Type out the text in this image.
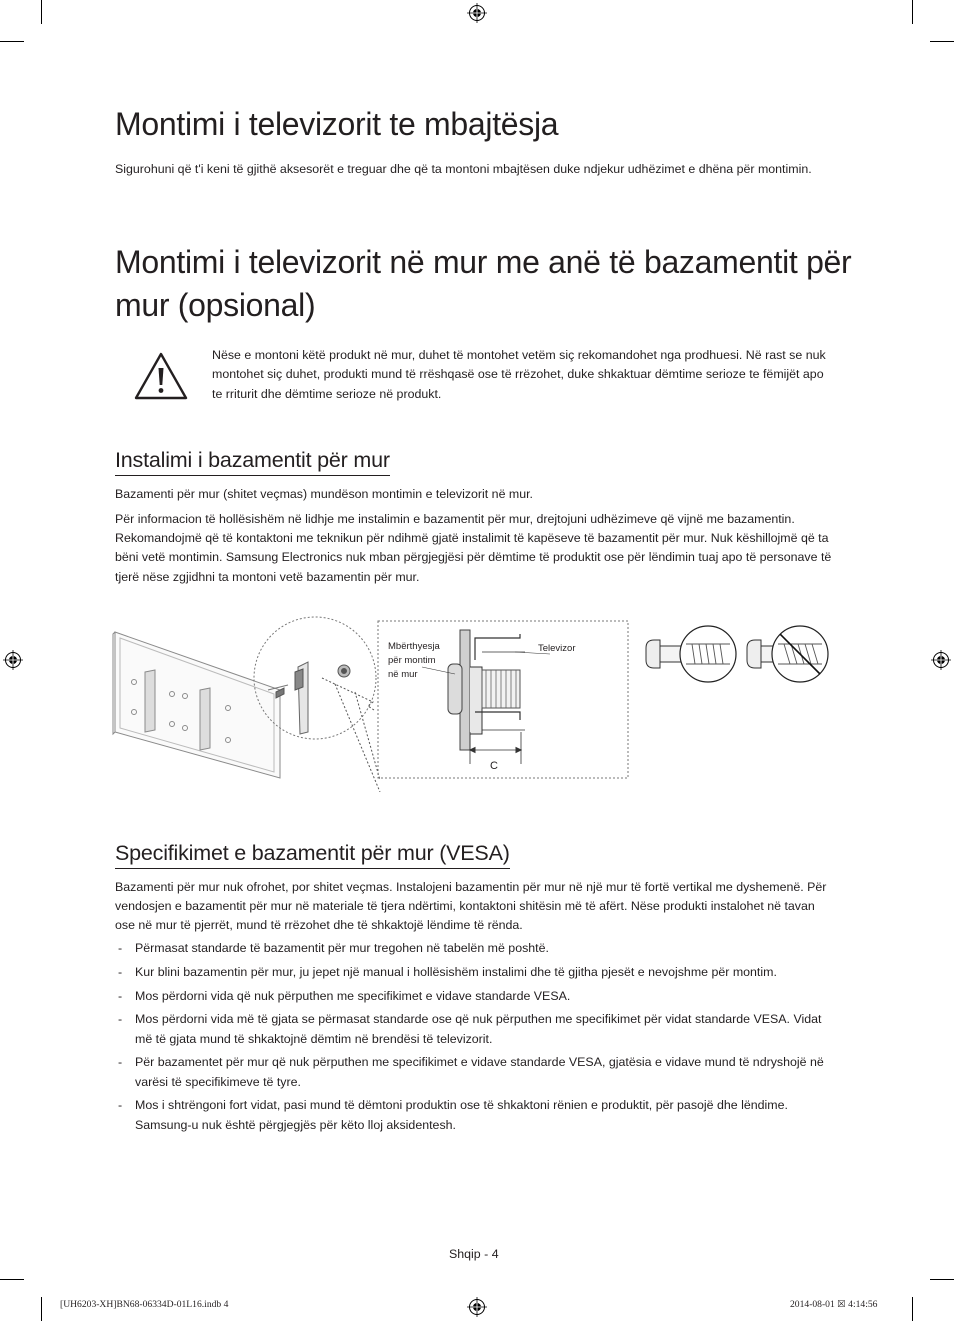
Montimi i televizorit te mbajtësja

Sigurohuni që t'i keni të gjithë aksesorët e treguar dhe që ta montoni mbajtësen duke ndjekur udhëzimet e dhëna për montimin.

Montimi i televizorit në mur me anë të bazamentit për mur (opsional)

Nëse e montoni këtë produkt në mur, duhet të montohet vetëm siç rekomandohet nga prodhuesi. Në rast se nuk montohet siç duhet, produkti mund të rrëshqasë ose të rrëzohet, duke shkaktuar dëmtime serioze te fëmijët apo te rriturit dhe dëmtime serioze në produkt.

Instalimi i bazamentit për mur

Bazamenti për mur (shitet veçmas) mundëson montimin e televizorit në mur.

Për informacion të hollësishëm në lidhje me instalimin e bazamentit për mur, drejtojuni udhëzimeve që vijnë me bazamentin. Rekomandojmë që të kontaktoni me teknikun për ndihmë gjatë instalimit të kapëseve të bazamentit për mur. Nuk këshillojmë që ta bëni vetë montimin. Samsung Electronics nuk mban përgjegjësi për dëmtime të produktit ose për lëndimin tuaj apo të personave të tjerë nëse zgjidhni ta montoni vetë bazamentin për mur.

Mbërthyesja
për montim
në mur
Televizor
C
Specifikimet e bazamentit për mur (VESA)

Bazamenti për mur nuk ofrohet, por shitet veçmas. Instalojeni bazamentin për mur në një mur të fortë vertikal me dyshemenë. Për vendosjen e bazamentit për mur në materiale të tjera ndërtimi, kontaktoni shitësin më të afërt. Nëse produkti instalohet në tavan ose në mur të pjerrët, mund të rrëzohet dhe të shkaktojë lëndime të rënda.

- Përmasat standarde të bazamentit për mur tregohen në tabelën më poshtë.
- Kur blini bazamentin për mur, ju jepet një manual i hollësishëm instalimi dhe të gjitha pjesët e nevojshme për montim.
- Mos përdorni vida që nuk përputhen me specifikimet e vidave standarde VESA.
- Mos përdorni vida më të gjata se përmasat standarde ose që nuk përputhen me specifikimet për vidat standarde VESA. Vidat më të gjata mund të shkaktojnë dëmtim në brendësi të televizorit.
- Për bazamentet për mur që nuk përputhen me specifikimet e vidave standarde VESA, gjatësia e vidave mund të ndryshojë në varësi të specifikimeve të tyre.
- Mos i shtrëngoni fort vidat, pasi mund të dëmtoni produktin ose të shkaktoni rënien e produktit, për pasojë dhe lëndime. Samsung-u nuk është përgjegjës për këto lloj aksidentesh.
Shqip - 4
[UH6203-XH]BN68-06334D-01L16.indb 4	2014-08-01 ☒ 4:14:56
